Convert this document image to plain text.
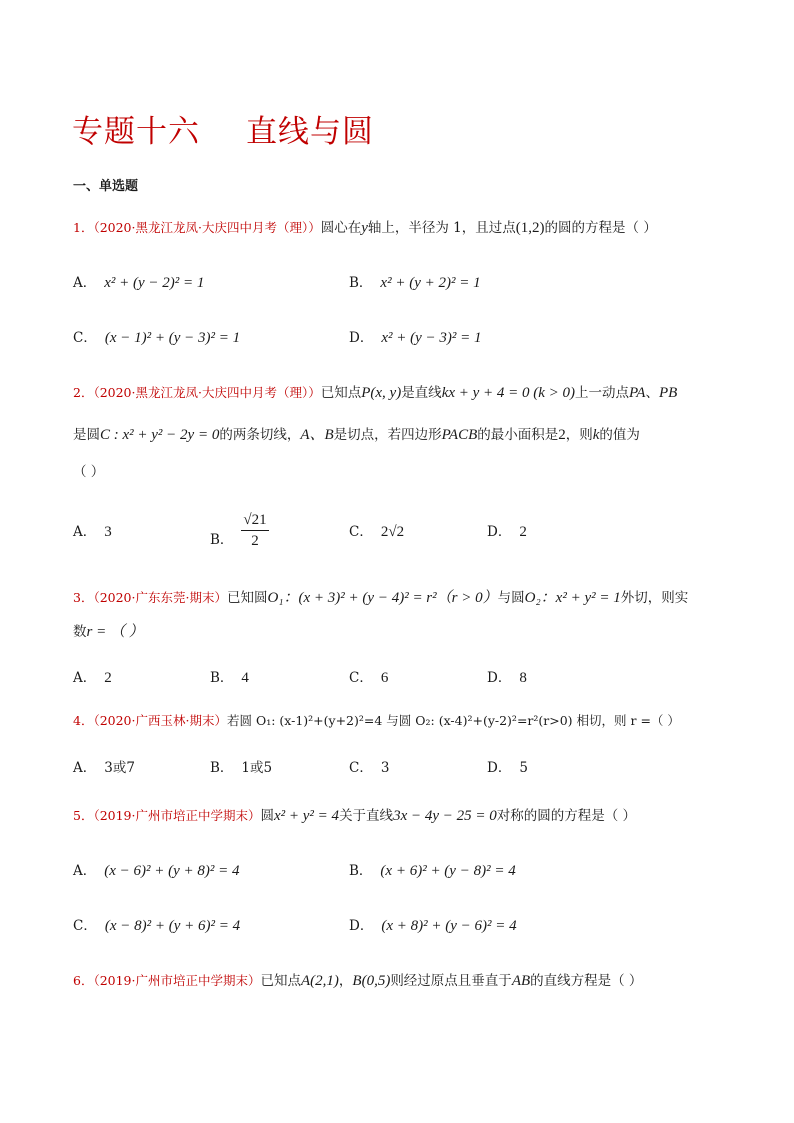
专题十六 直线与圆
一、单选题
1．（2020·黑龙江龙凤·大庆四中月考（理））圆心在y轴上，半径为 1，且过点(1,2)的圆的方程是（ ）
A． x² + (y − 2)² = 1	B． x² + (y + 2)² = 1
C． (x − 1)² + (y − 3)² = 1	D． x² + (y − 3)² = 1
2．（2020·黑龙江龙凤·大庆四中月考（理））已知点P(x, y)是直线kx + y + 4 = 0 (k > 0)上一动点PA、PB
是圆C : x² + y² − 2y = 0的两条切线，A、B是切点，若四边形PACB的最小面积是2，则k的值为
（ ）
A． 3	B． $\frac{√21}{2}$	C． 2√2	D． 2
3．（2020·广东东莞·期末）已知圆O₁：(x + 3)² + (y − 4)² = r²（r > 0）与圆O₂：x² + y² = 1外切，则实
数r = （ ）
A． 2	B． 4	C． 6	D． 8
4．（2020·广西玉林·期末）若圆 O₁: (x-1)²+(y+2)²=4 与圆 O₂: (x-4)²+(y-2)²=r²(r>0) 相切，则 r =（ ）
A． 3或7	B． 1或5	C． 3	D． 5
5．（2019·广州市培正中学期末）圆x² + y² = 4关于直线3x − 4y − 25 = 0对称的圆的方程是（ ）
A． (x − 6)² + (y + 8)² = 4	B． (x + 6)² + (y − 8)² = 4
C． (x − 8)² + (y + 6)² = 4	D． (x + 8)² + (y − 6)² = 4
6．（2019·广州市培正中学期末）已知点A(2,1)，B(0,5)则经过原点且垂直于AB的直线方程是（ ）
